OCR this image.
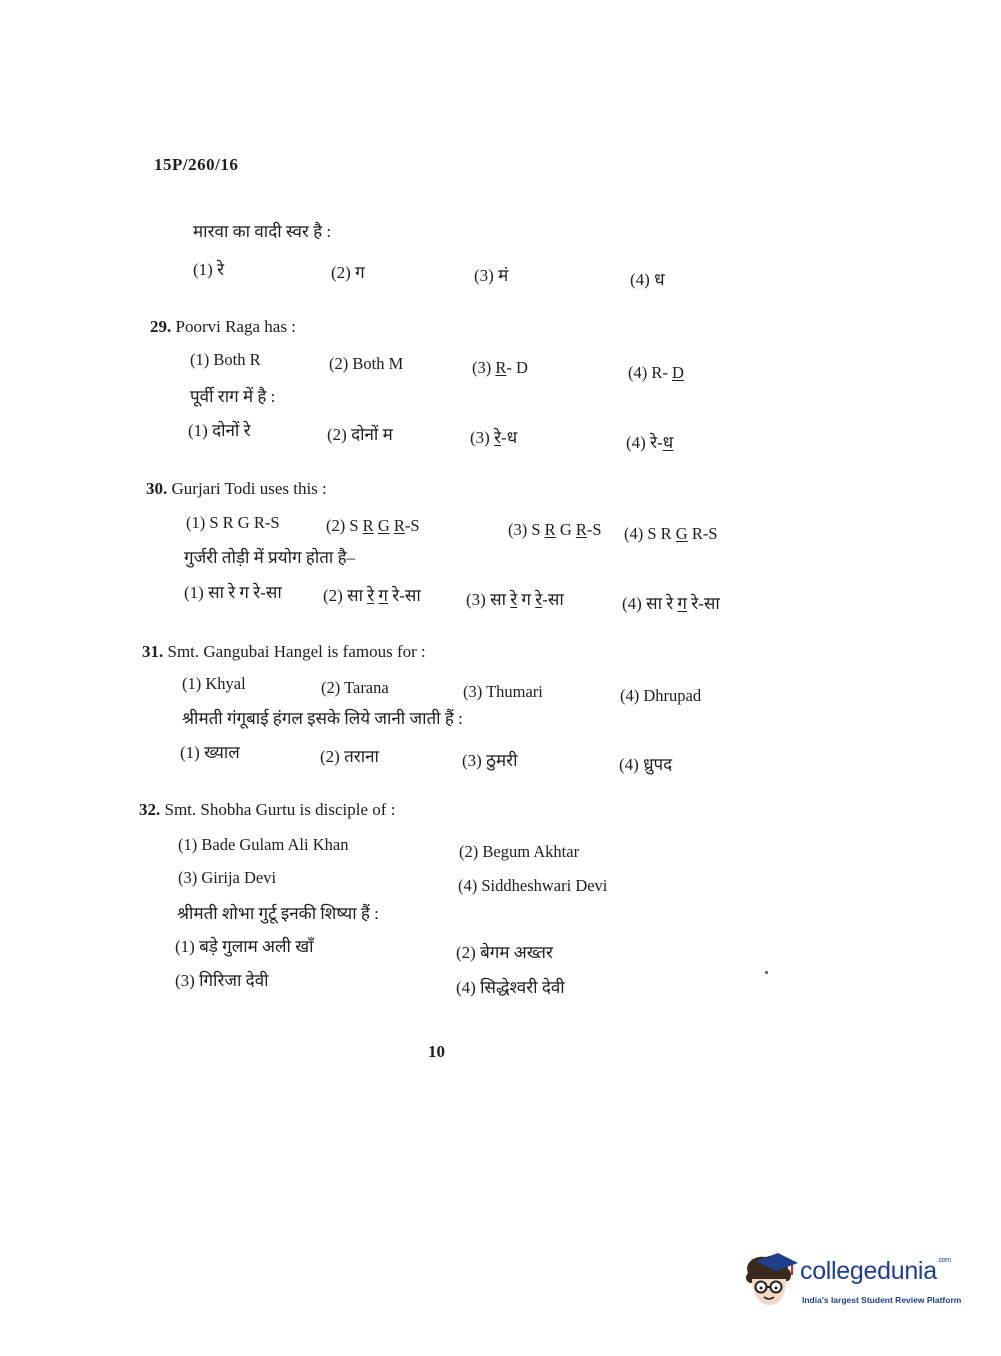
15P/260/16
मारवा का वादी स्वर है :
(1) रे	(2) ग	(3) मं	(4) ध
29. Poorvi Raga has :
(1) Both R	(2) Both M	(3) R- D	(4) R- D
पूर्वी राग में है :
(1) दोनों रे	(2) दोनों म	(3) रे-ध	(4) रे-ध
30. Gurjari Todi uses this :
(1) S R G R-S	(2) S R G R-S	(3) S R G R-S (4) S R G R-S
गुर्जरी तोड़ी में प्रयोग होता है–
(1) सा रे ग रे-सा (2) सा रे ग रे-सा	(3) सा रे ग रे-सा	(4) सा रे ग रे-सा
31. Smt. Gangubai Hangel is famous for :
(1) Khyal	(2) Tarana	(3) Thumari	(4) Dhrupad
श्रीमती गंगूबाई हंगल इसके लिये जानी जाती हैं :
(1) ख्याल	(2) तराना	(3) ठुमरी	(4) ध्रुपद
32. Smt. Shobha Gurtu is disciple of :
(1) Bade Gulam Ali Khan	(2) Begum Akhtar
(3) Girija Devi	(4) Siddheshwari Devi
श्रीमती शोभा गुर्टू इनकी शिष्या हैं :
(1) बड़े गुलाम अली खाँ	(2) बेगम अख्तर
(3) गिरिजा देवी	(4) सिद्धेश्वरी देवी
10
collegedunia$^{.com}$
India's largest Student Review Platform
